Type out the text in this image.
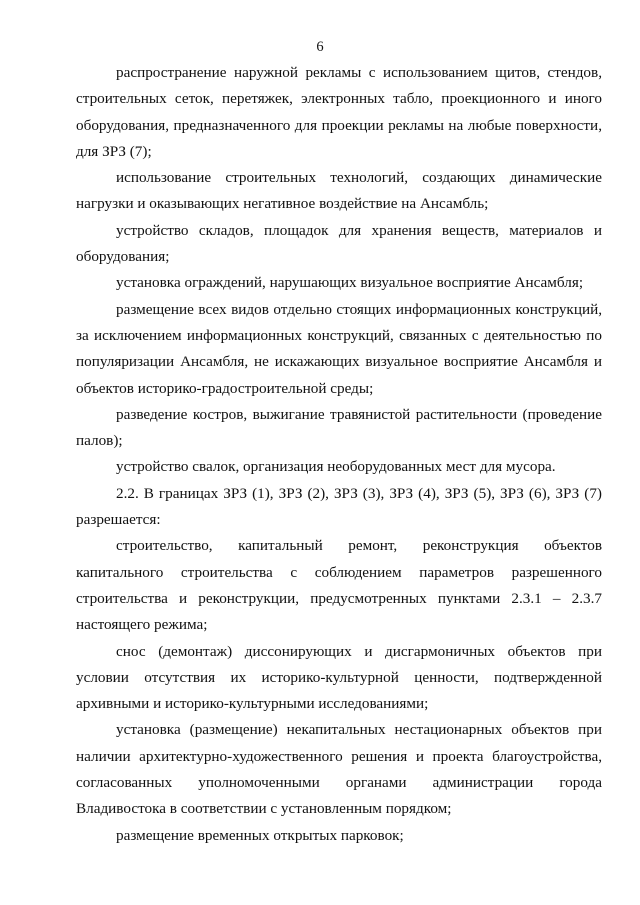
6

распространение наружной рекламы с использованием щитов, стендов, строительных сеток, перетяжек, электронных табло, проекционного и иного оборудования, предназначенного для проекции рекламы на любые поверхности, для ЗРЗ (7);

использование строительных технологий, создающих динамические нагрузки и оказывающих негативное воздействие на Ансамбль;

устройство складов, площадок для хранения веществ, материалов и оборудования;

установка ограждений, нарушающих визуальное восприятие Ансамбля;

размещение всех видов отдельно стоящих информационных конструкций, за исключением информационных конструкций, связанных с деятельностью по популяризации Ансамбля, не искажающих визуальное восприятие Ансамбля и объектов историко-градостроительной среды;

разведение костров, выжигание травянистой растительности (проведение палов);

устройство свалок, организация необорудованных мест для мусора.

2.2. В границах ЗРЗ (1), ЗРЗ (2), ЗРЗ (3), ЗРЗ (4), ЗРЗ (5), ЗРЗ (6), ЗРЗ (7) разрешается:

строительство, капитальный ремонт, реконструкция объектов капитального строительства с соблюдением параметров разрешенного строительства и реконструкции, предусмотренных пунктами 2.3.1 – 2.3.7 настоящего режима;

снос (демонтаж) диссонирующих и дисгармоничных объектов при условии отсутствия их историко-культурной ценности, подтвержденной архивными и историко-культурными исследованиями;

установка (размещение) некапитальных нестационарных объектов при наличии архитектурно-художественного решения и проекта благоустройства, согласованных уполномоченными органами администрации города Владивостока в соответствии с установленным порядком;

размещение временных открытых парковок;
